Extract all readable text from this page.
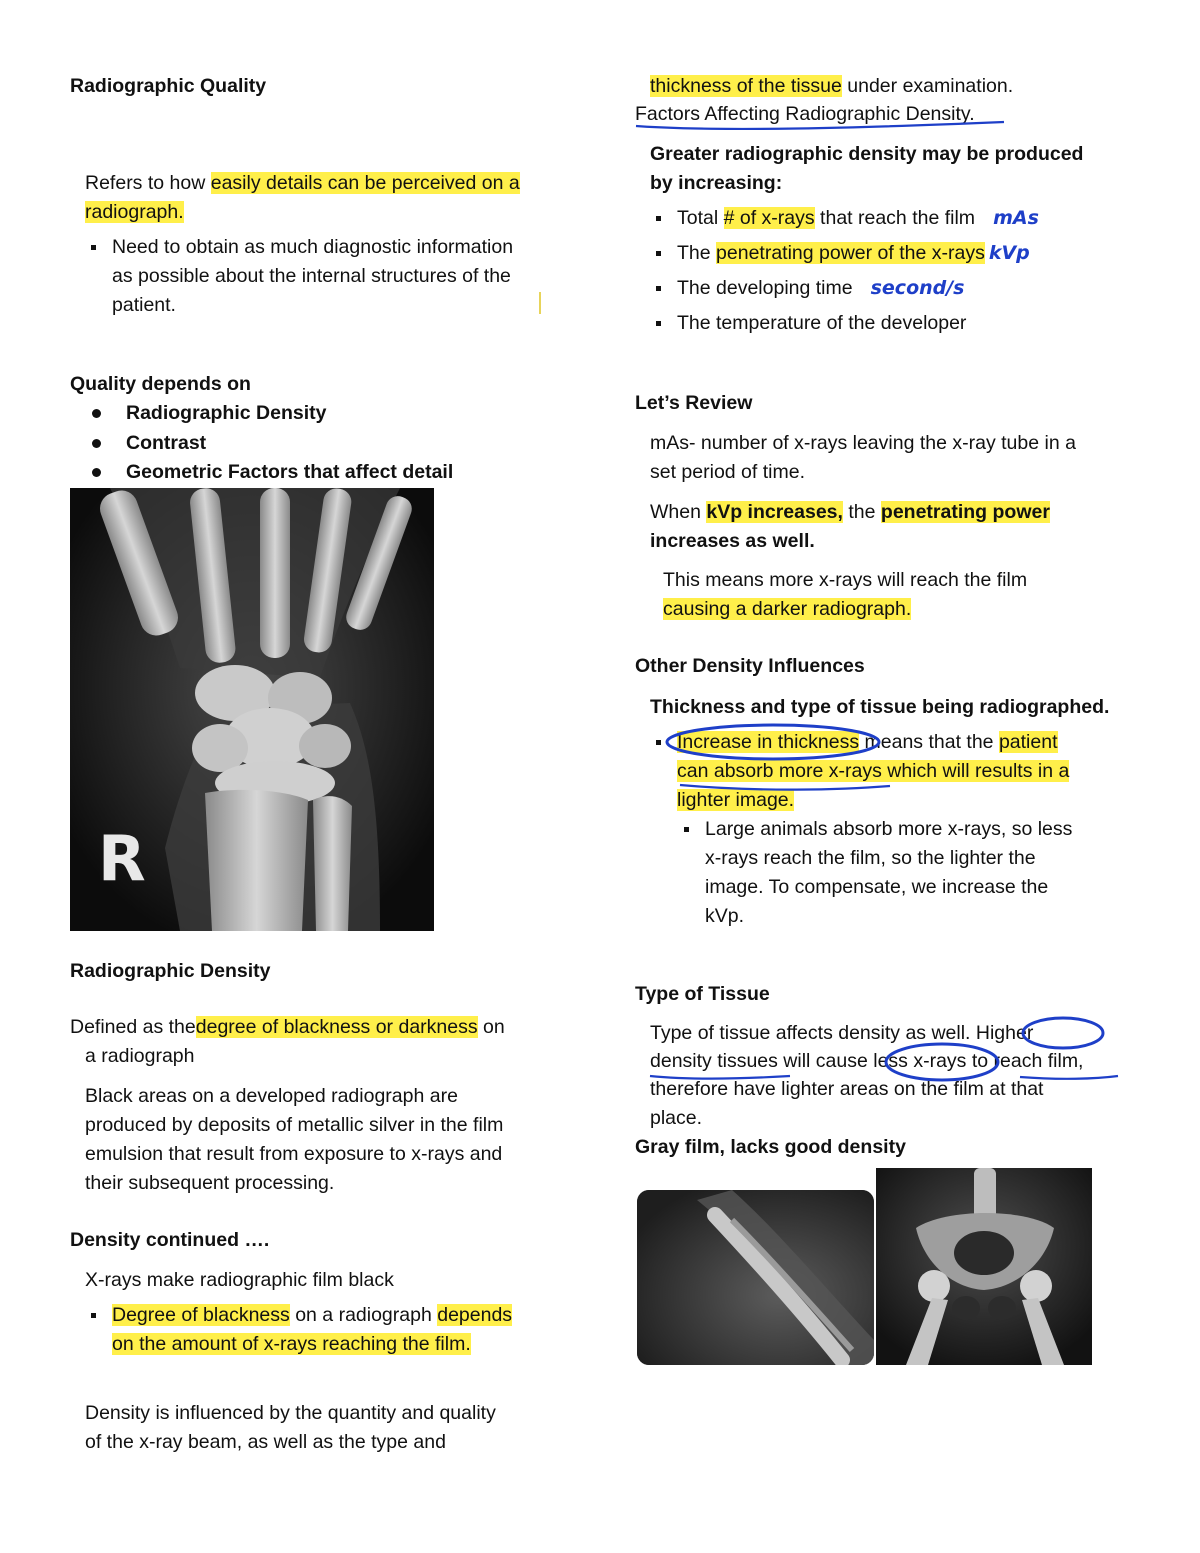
Radiographic Quality
Refers to how easily details can be perceived on a
radiograph.
Need to obtain as much diagnostic information
as possible about the internal structures of the
patient.
Quality depends on
Radiographic Density
Contrast
Geometric Factors that affect detail
R
Radiographic Density
Defined as thedegree of blackness or darkness on
a radiograph
Black areas on a developed radiograph are
produced by deposits of metallic silver in the film
emulsion that result from exposure to x-rays and
their subsequent processing.
Density continued ….
X-rays make radiographic film black
Degree of blackness on a radiograph depends
on the amount of x-rays reaching the film.
Density is influenced by the quantity and quality
of the x-ray beam, as well as the type and
thickness of the tissue under examination.
Factors Affecting Radiographic Density.
Greater radiographic density may be produced
by increasing:
Total # of x-rays that reach the film mAs
The penetrating power of the x-rays kVp
The developing time second/s
The temperature of the developer
Let’s Review
mAs- number of x-rays leaving the x-ray tube in a
set period of time.
When kVp increases, the penetrating power
increases as well.
This means more x-rays will reach the film
causing a darker radiograph.
Other Density Influences
Thickness and type of tissue being radiographed.
Increase in thickness means that the patient
can absorb more x-rays which will results in a
lighter image.
Large animals absorb more x-rays, so less
x-rays reach the film, so the lighter the
image. To compensate, we increase the
kVp.
Type of Tissue
Type of tissue affects density as well. Higher
density tissues will cause less x-rays to reach film,
therefore have lighter areas on the film at that
place.
Gray film, lacks good density
